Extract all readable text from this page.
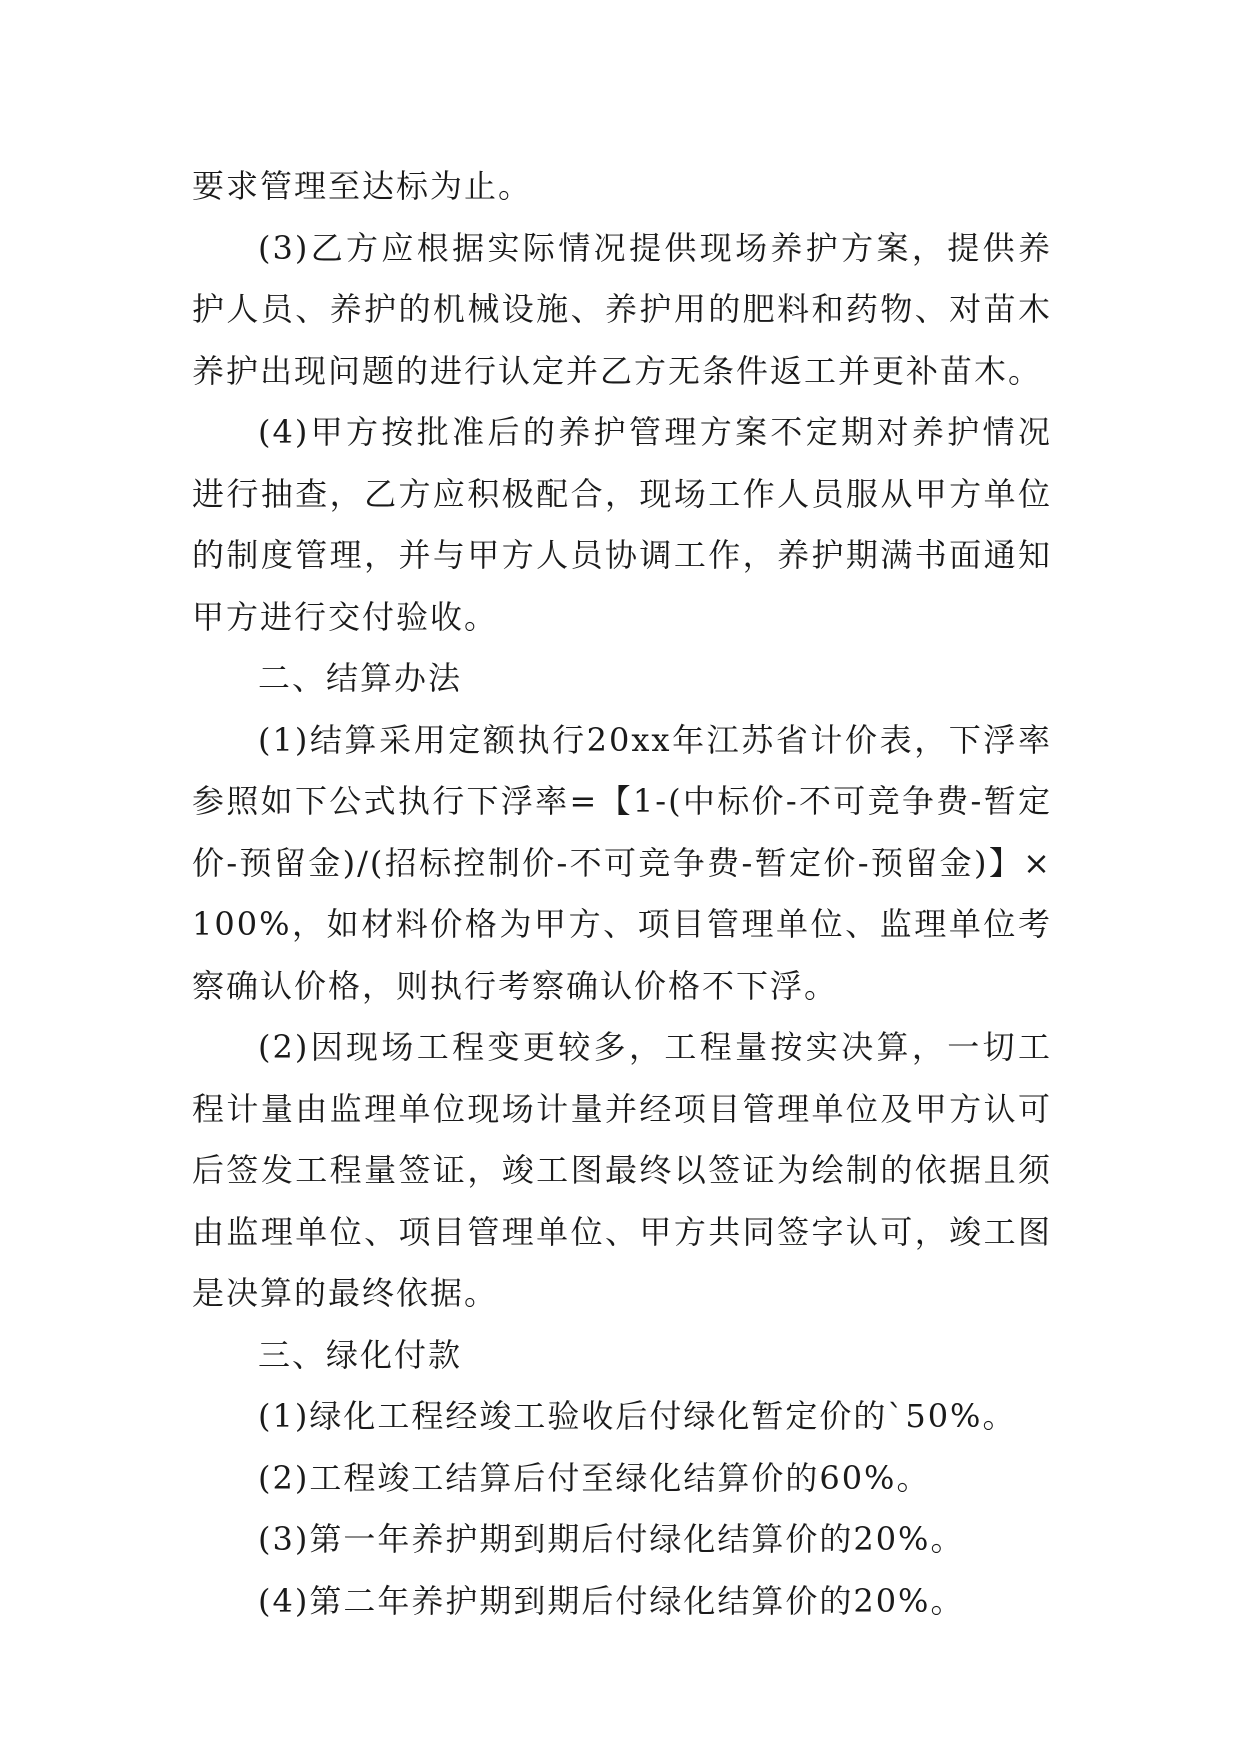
要求管理至达标为止。

(3)乙方应根据实际情况提供现场养护方案，提供养护人员、养护的机械设施、养护用的肥料和药物、对苗木养护出现问题的进行认定并乙方无条件返工并更补苗木。

(4)甲方按批准后的养护管理方案不定期对养护情况进行抽查，乙方应积极配合，现场工作人员服从甲方单位的制度管理，并与甲方人员协调工作，养护期满书面通知甲方进行交付验收。

二、结算办法

(1)结算采用定额执行20xx年江苏省计价表，下浮率参照如下公式执行下浮率=【1-(中标价-不可竞争费-暂定价-预留金)/(招标控制价-不可竞争费-暂定价-预留金)】×100%，如材料价格为甲方、项目管理单位、监理单位考察确认价格，则执行考察确认价格不下浮。

(2)因现场工程变更较多，工程量按实决算，一切工程计量由监理单位现场计量并经项目管理单位及甲方认可后签发工程量签证，竣工图最终以签证为绘制的依据且须由监理单位、项目管理单位、甲方共同签字认可，竣工图是决算的最终依据。

三、绿化付款

(1)绿化工程经竣工验收后付绿化暂定价的`50%。

(2)工程竣工结算后付至绿化结算价的60%。

(3)第一年养护期到期后付绿化结算价的20%。

(4)第二年养护期到期后付绿化结算价的20%。
